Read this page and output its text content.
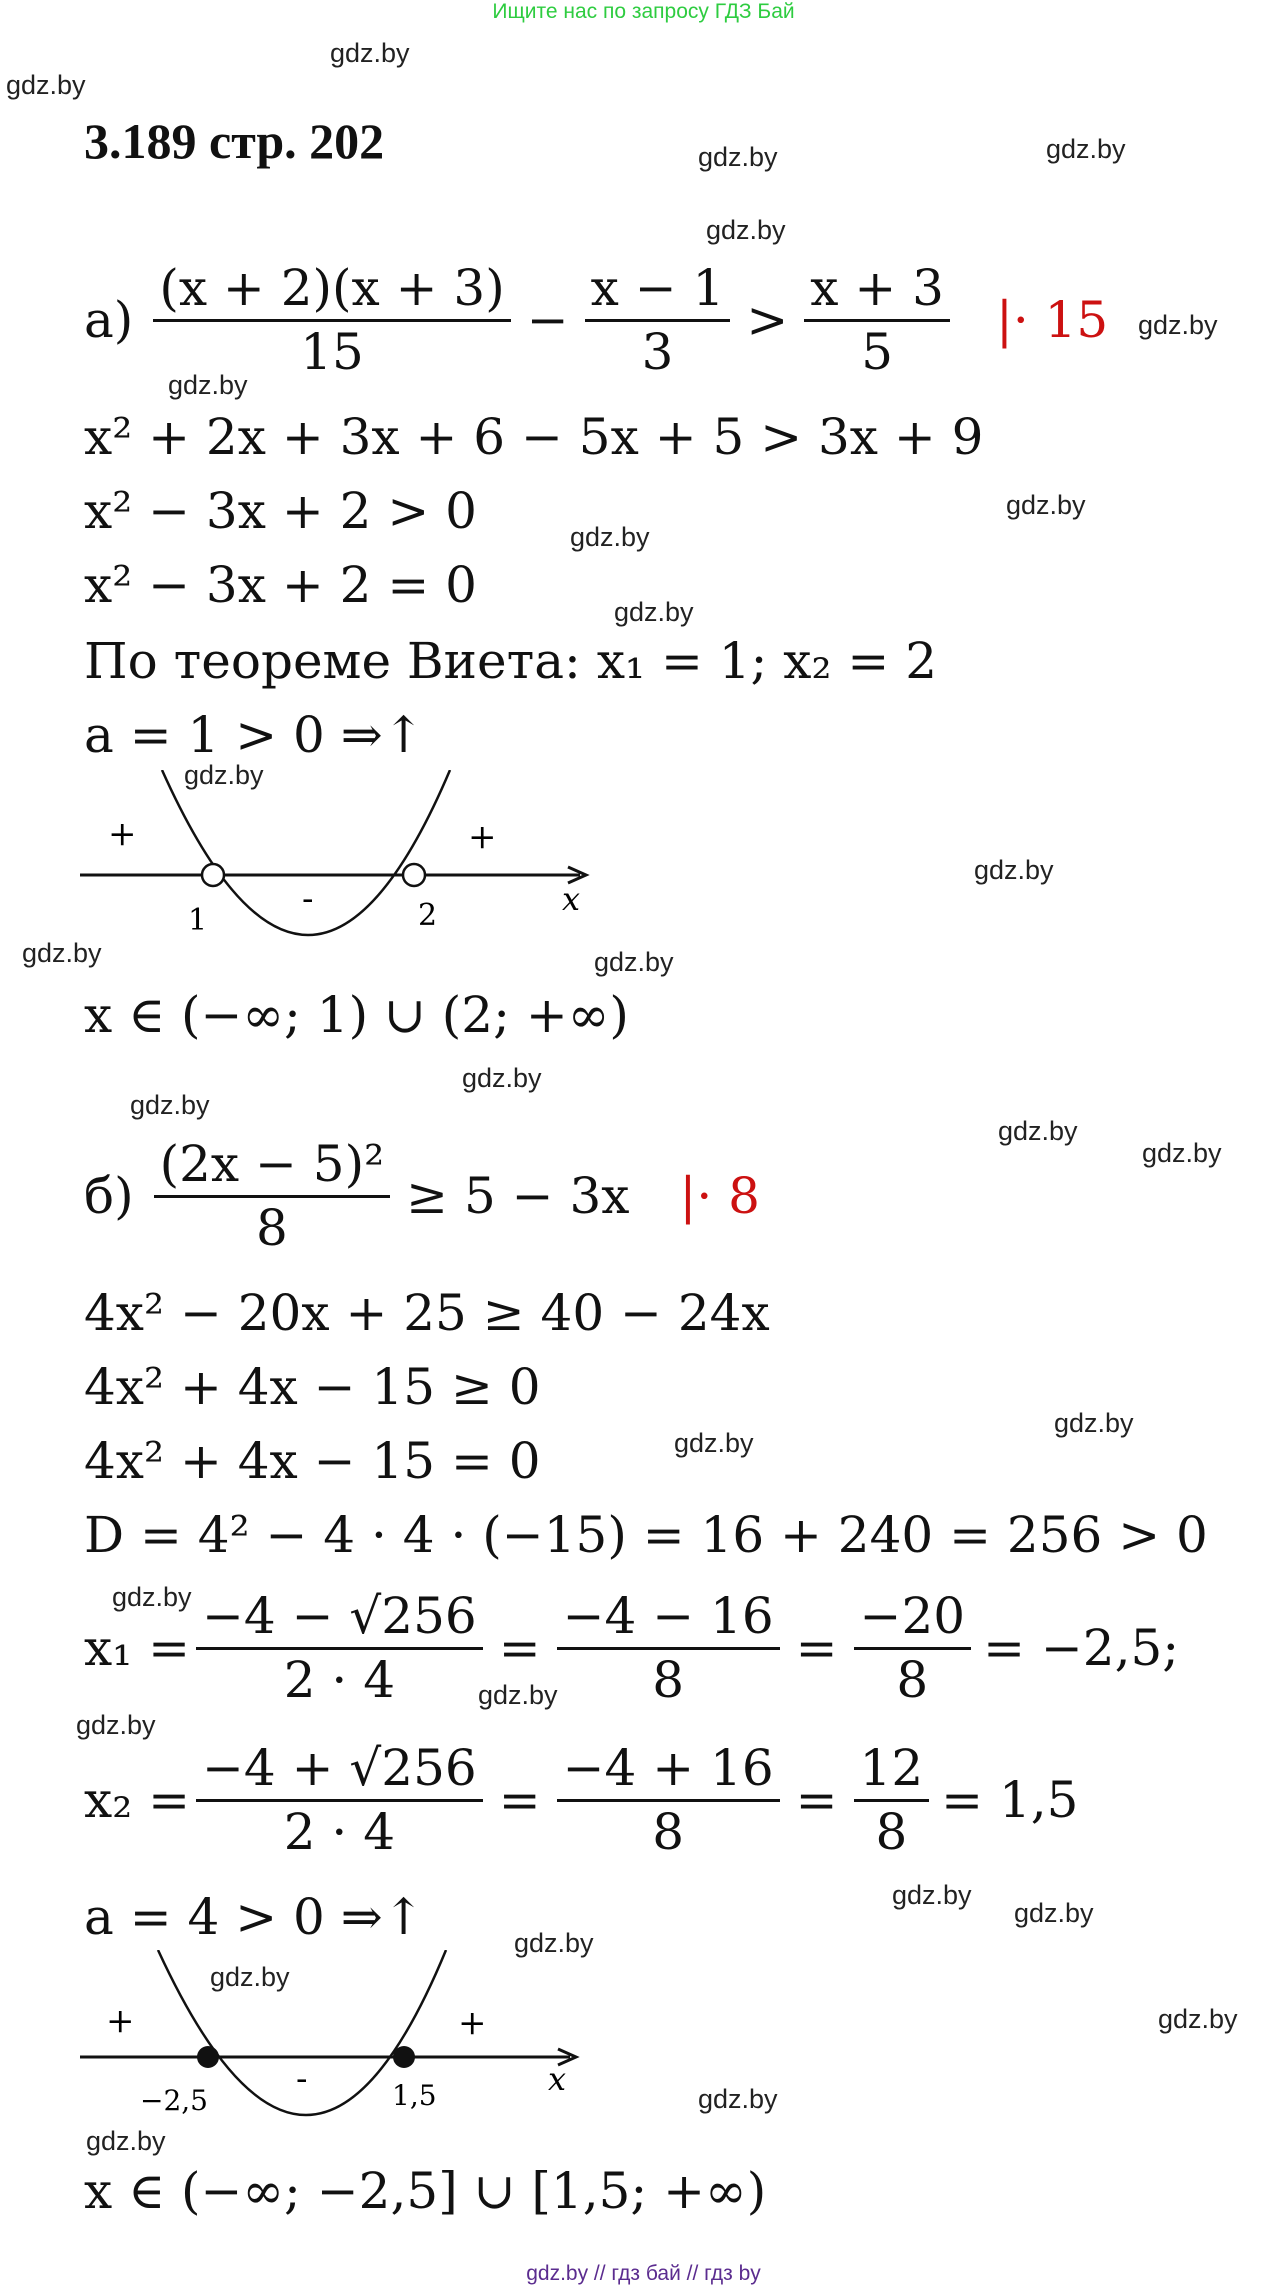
Ищите нас по запросу ГДЗ Бай
gdz.by
gdz.by
gdz.by	gdz.by
gdz.by
gdz.by
gdz.by
gdz.by
gdz.by
gdz.by
gdz.by
gdz.by
gdz.by	gdz.by
gdz.by
gdz.by
gdz.by
gdz.by
gdz.by
gdz.by
gdz.by
gdz.by
gdz.by
gdz.by
gdz.by
gdz.by
gdz.by
gdz.by
gdz.by
gdz.by
3.189 стр. 202
$а) \frac{(x + 2)(x + 3)}{15} - \frac{x - 1}{3} > \frac{x + 3}{5}$ |· 15
x² + 2x + 3x + 6 − 5x + 5 > 3x + 9
x² − 3x + 2 > 0
x² − 3x + 2 = 0
По теореме Виета: x₁ = 1; x₂ = 2
a = 1 > 0 ⇒↑
+	+
-
1	2	x
x ∈ (−∞; 1) ∪ (2; +∞)
$б) \frac{\text{(2x − 5)²}}{8} \ge 5 - 3x$ |· 8
4x² − 20x + 25 ≥ 40 − 24x
4x² + 4x − 15 ≥ 0
4x² + 4x − 15 = 0
D = 4² − 4 · 4 · (−15) = 16 + 240 = 256 > 0
$x_1 = \frac{-4 - √256}{2 \cdot 4} = \frac{-4 - 16}{8} = \frac{-20}{8} = -2,5$;
$x_2 = \frac{-4 + √256}{2 \cdot 4} = \frac{-4 + 16}{8} = \frac{12}{8} = 1,5$
a = 4 > 0 ⇒↑
+	+
-
−2,5	1,5	x
x ∈ (−∞; −2,5] ∪ [1,5; +∞)
gdz.by // гдз бай // гдз by
